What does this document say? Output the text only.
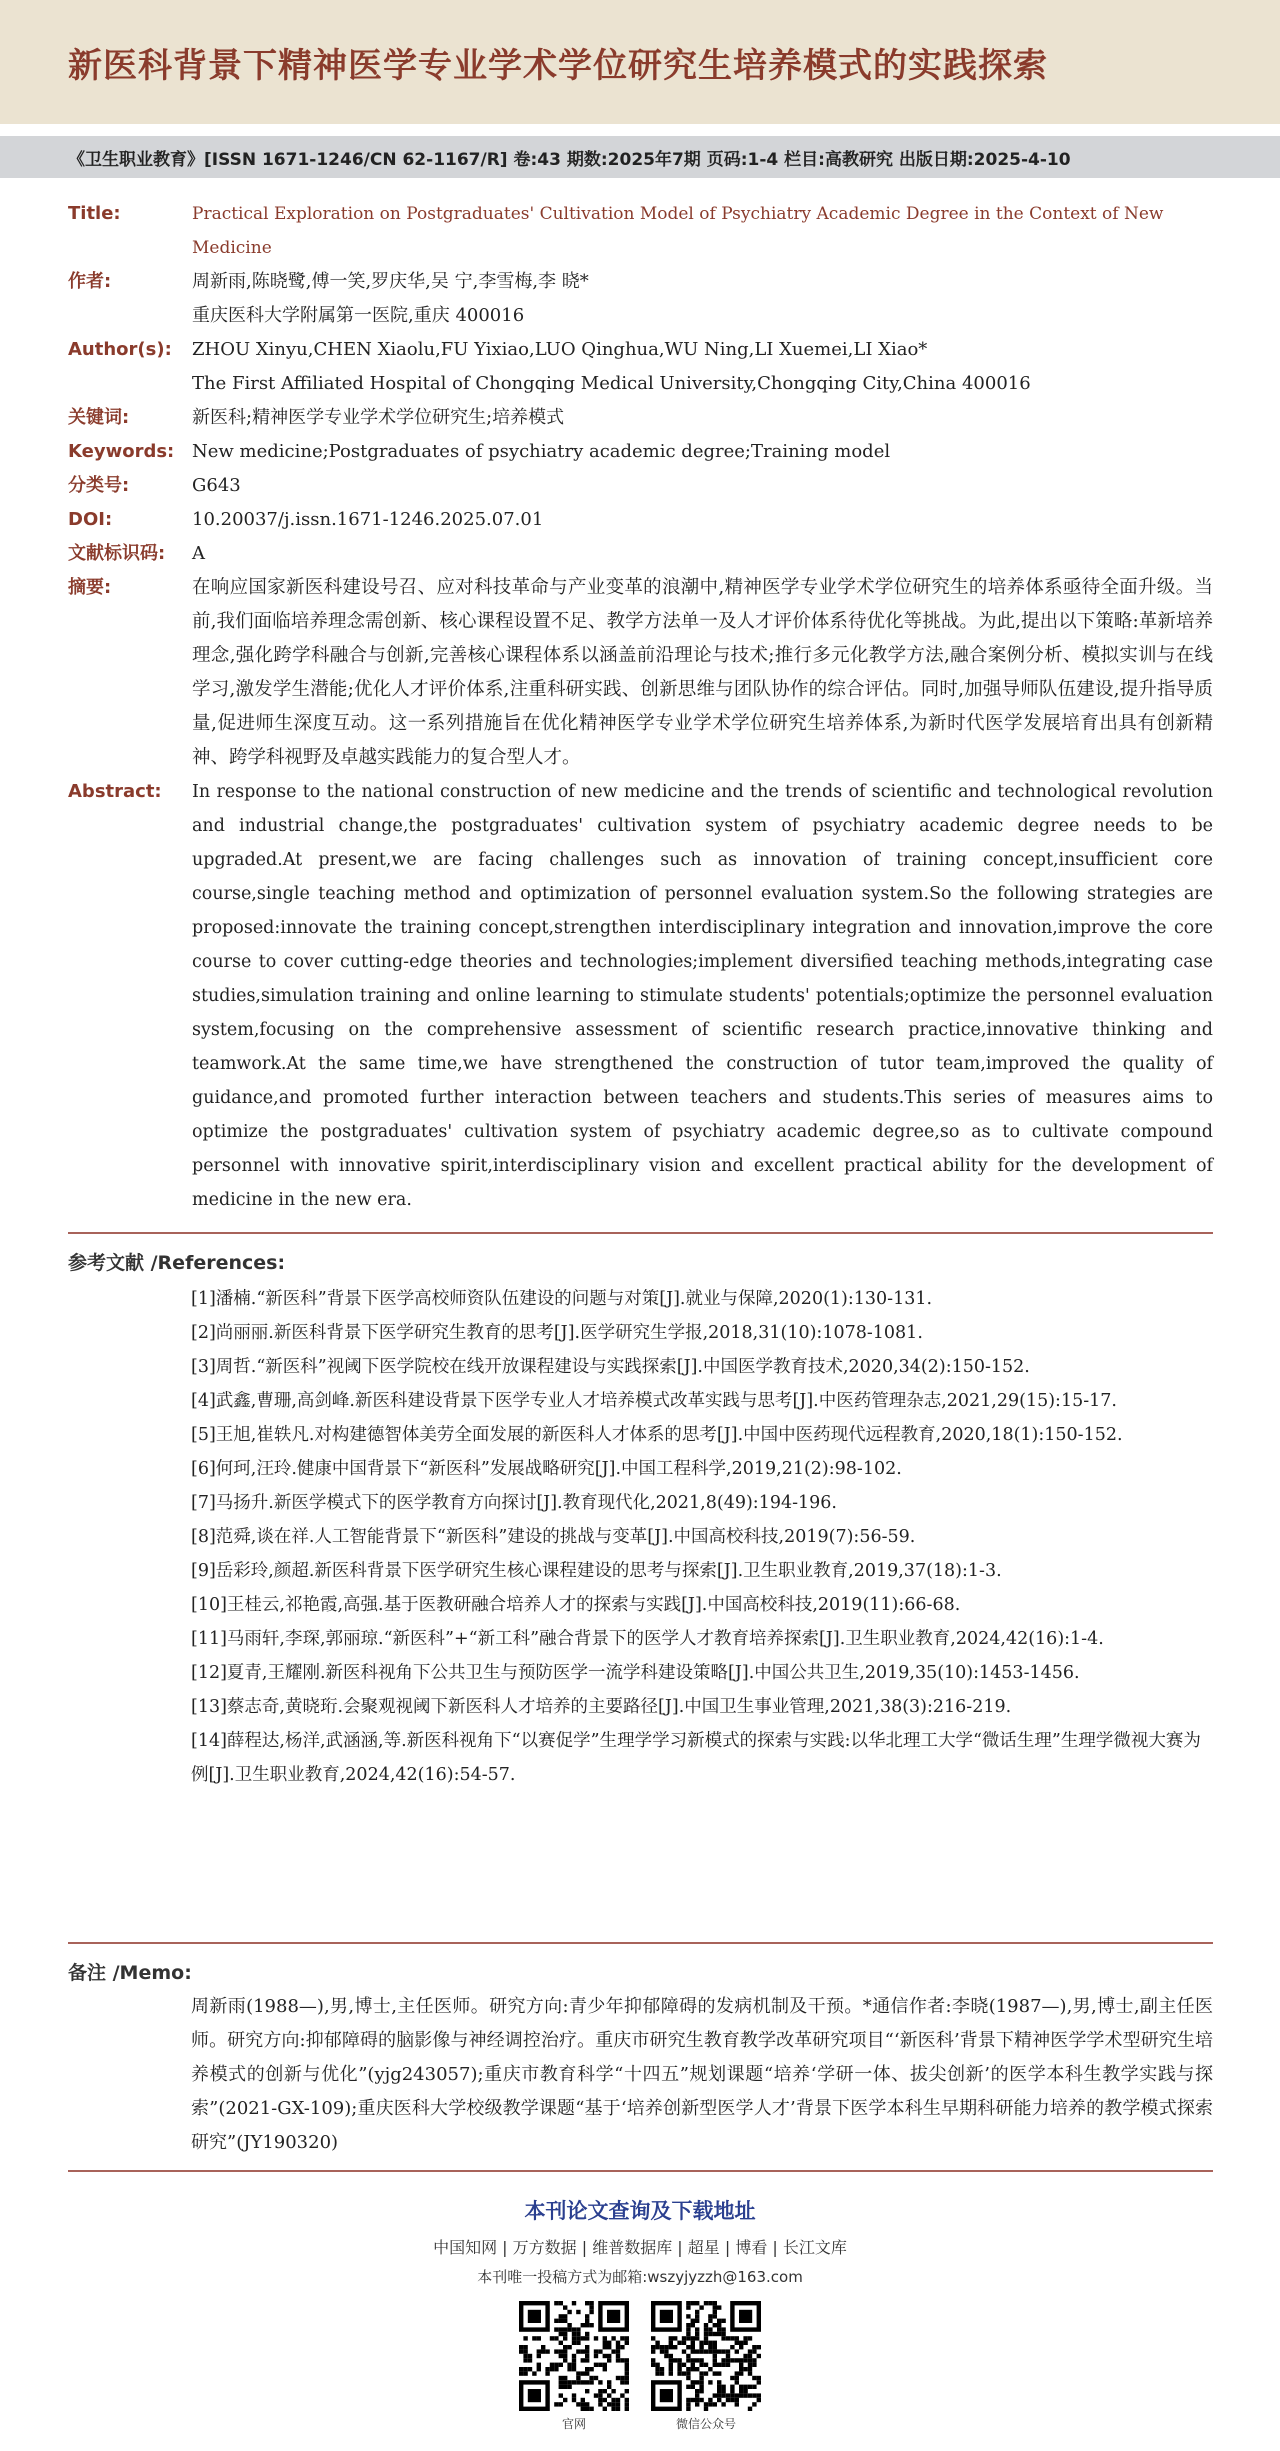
新医科背景下精神医学专业学术学位研究生培养模式的实践探索
《卫生职业教育》[ISSN 1671-1246/CN 62-1167/R] 卷:43 期数:2025年7期 页码:1-4 栏目:高教研究 出版日期:2025-4-10
Title:	Practical Exploration on Postgraduates' Cultivation Model of Psychiatry Academic Degree in the Context of New Medicine
作者:	周新雨,陈晓鹭,傅一笑,罗庆华,吴 宁,李雪梅,李 晓*
重庆医科大学附属第一医院,重庆 400016
Author(s):	ZHOU Xinyu,CHEN Xiaolu,FU Yixiao,LUO Qinghua,WU Ning,LI Xuemei,LI Xiao*
The First Affiliated Hospital of Chongqing Medical University,Chongqing City,China 400016
关键词:	新医科;精神医学专业学术学位研究生;培养模式
Keywords: New medicine;Postgraduates of psychiatry academic degree;Training model
分类号:	G643
DOI:	10.20037/j.issn.1671-1246.2025.07.01
文献标识码:	A
摘要:	在响应国家新医科建设号召、应对科技革命与产业变革的浪潮中,精神医学专业学术学位研究生的培养体系亟待全面升级。当前,我们面临培养理念需创新、核心课程设置不足、教学方法单一及人才评价体系待优化等挑战。为此,提出以下策略:革新培养理念,强化跨学科融合与创新,完善核心课程体系以涵盖前沿理论与技术;推行多元化教学方法,融合案例分析、模拟实训与在线学习,激发学生潜能;优化人才评价体系,注重科研实践、创新思维与团队协作的综合评估。同时,加强导师队伍建设,提升指导质量,促进师生深度互动。这一系列措施旨在优化精神医学专业学术学位研究生培养体系,为新时代医学发展培育出具有创新精神、跨学科视野及卓越实践能力的复合型人才。
Abstract:	In response to the national construction of new medicine and the trends of scientific and technological revolution and industrial change,the postgraduates' cultivation system of psychiatry academic degree needs to be upgraded.At present,we are facing challenges such as innovation of training concept,insufficient core course,single teaching method and optimization of personnel evaluation system.So the following strategies are proposed:innovate the training concept,strengthen interdisciplinary integration and innovation,improve the core course to cover cutting-edge theories and technologies;implement diversified teaching methods,integrating case studies,simulation training and online learning to stimulate students' potentials;optimize the personnel evaluation system,focusing on the comprehensive assessment of scientific research practice,innovative thinking and teamwork.At the same time,we have strengthened the construction of tutor team,improved the quality of guidance,and promoted further interaction between teachers and students.This series of measures aims to optimize the postgraduates' cultivation system of psychiatry academic degree,so as to cultivate compound personnel with innovative spirit,interdisciplinary vision and excellent practical ability for the development of medicine in the new era.
参考文献 /References:
[1]潘楠.“新医科”背景下医学高校师资队伍建设的问题与对策[J].就业与保障,2020(1):130-131.
[2]尚丽丽.新医科背景下医学研究生教育的思考[J].医学研究生学报,2018,31(10):1078-1081.
[3]周哲.“新医科”视阈下医学院校在线开放课程建设与实践探索[J].中国医学教育技术,2020,34(2):150-152.
[4]武鑫,曹珊,高剑峰.新医科建设背景下医学专业人才培养模式改革实践与思考[J].中医药管理杂志,2021,29(15):15-17.
[5]王旭,崔轶凡.对构建德智体美劳全面发展的新医科人才体系的思考[J].中国中医药现代远程教育,2020,18(1):150-152.
[6]何珂,汪玲.健康中国背景下“新医科”发展战略研究[J].中国工程科学,2019,21(2):98-102.
[7]马扬升.新医学模式下的医学教育方向探讨[J].教育现代化,2021,8(49):194-196.
[8]范舜,谈在祥.人工智能背景下“新医科”建设的挑战与变革[J].中国高校科技,2019(7):56-59.
[9]岳彩玲,颜超.新医科背景下医学研究生核心课程建设的思考与探索[J].卫生职业教育,2019,37(18):1-3.
[10]王桂云,祁艳霞,高强.基于医教研融合培养人才的探索与实践[J].中国高校科技,2019(11):66-68.
[11]马雨轩,李琛,郭丽琼.“新医科”+“新工科”融合背景下的医学人才教育培养探索[J].卫生职业教育,2024,42(16):1-4.
[12]夏青,王耀刚.新医科视角下公共卫生与预防医学一流学科建设策略[J].中国公共卫生,2019,35(10):1453-1456.
[13]蔡志奇,黄晓珩.会聚观视阈下新医科人才培养的主要路径[J].中国卫生事业管理,2021,38(3):216-219.
[14]薛程达,杨洋,武涵涵,等.新医科视角下“以赛促学”生理学学习新模式的探索与实践:以华北理工大学“微话生理”生理学微视大赛为例[J].卫生职业教育,2024,42(16):54-57.
备注 /Memo:
周新雨(1988—),男,博士,主任医师。研究方向:青少年抑郁障碍的发病机制及干预。*通信作者:李晓(1987—),男,博士,副主任医师。研究方向:抑郁障碍的脑影像与神经调控治疗。重庆市研究生教育教学改革研究项目“‘新医科’背景下精神医学学术型研究生培养模式的创新与优化”(yjg243057);重庆市教育科学“十四五”规划课题“培养‘学研一体、拔尖创新’的医学本科生教学实践与探索”(2021-GX-109);重庆医科大学校级教学课题“基于‘培养创新型医学人才’背景下医学本科生早期科研能力培养的教学模式探索研究”(JY190320)
本刊论文查询及下载地址
中国知网 | 万方数据 | 维普数据库 | 超星 | 博看 | 长江文库
本刊唯一投稿方式为邮箱:wszyjyzzh@163.com
官网	微信公众号
